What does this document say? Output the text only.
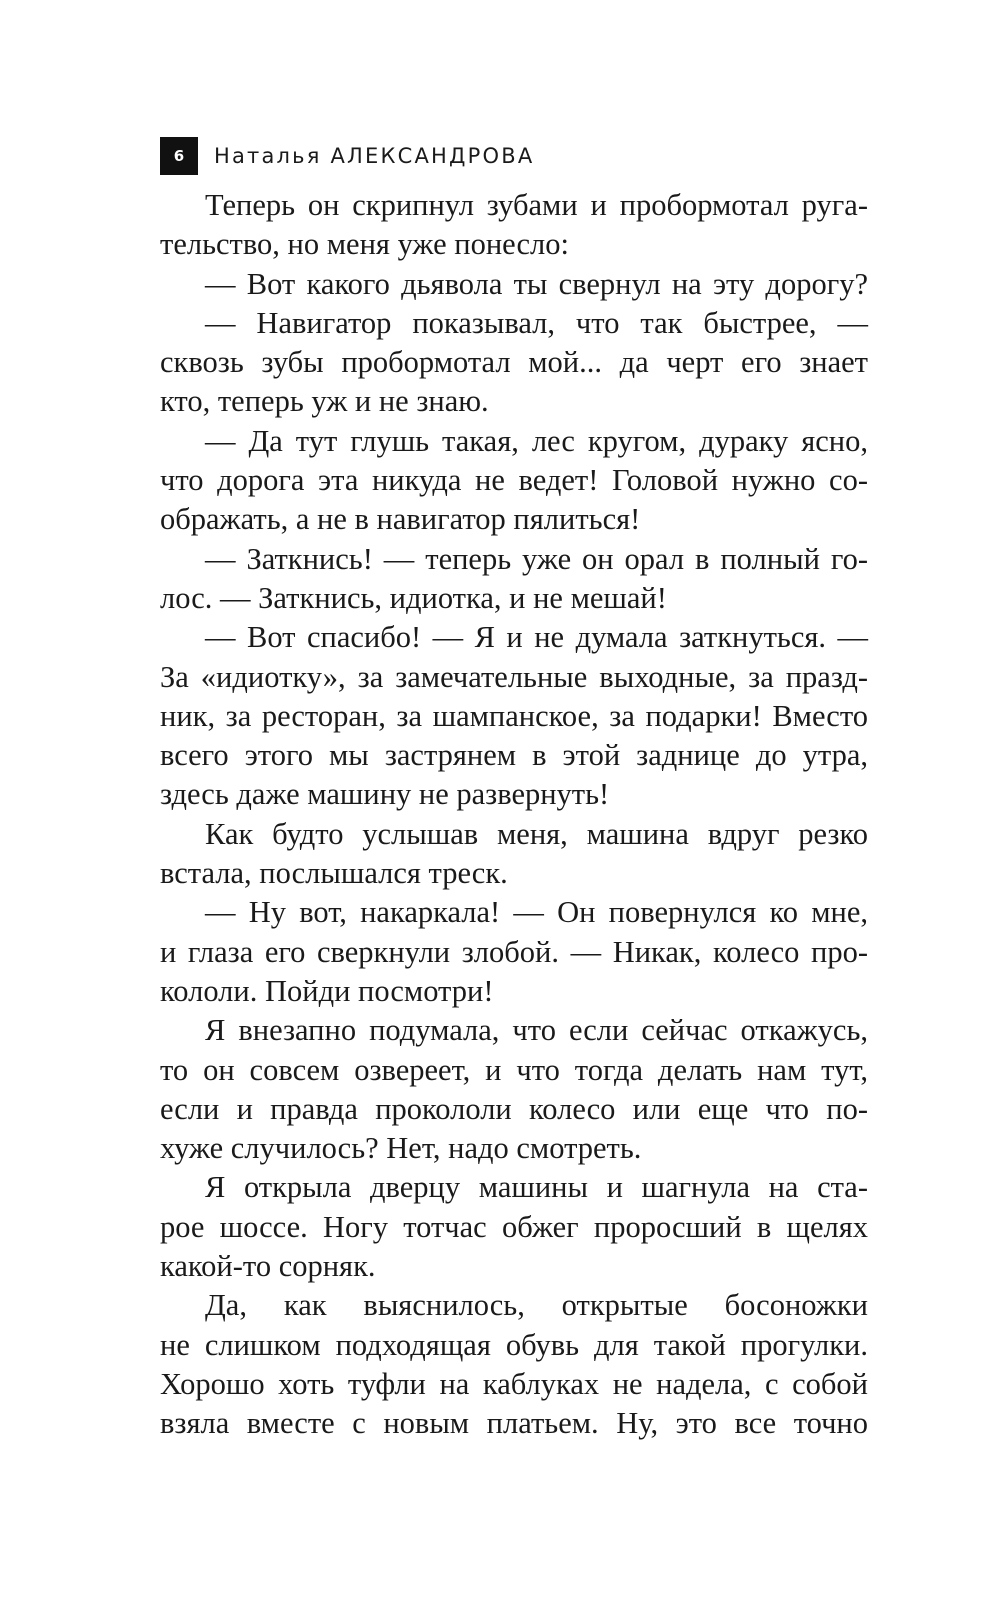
6	Наталья АЛЕКСАНДРОВА
Теперь он скрипнул зубами и пробормотал руга-
тельство, но меня уже понесло:
— Вот какого дьявола ты свернул на эту дорогу?
— Навигатор показывал, что так быстрее, —
сквозь зубы пробормотал мой... да черт его знает
кто, теперь уж и не знаю.
— Да тут глушь такая, лес кругом, дураку ясно,
что дорога эта никуда не ведет! Головой нужно со-
ображать, а не в навигатор пялиться!
— Заткнись! — теперь уже он орал в полный го-
лос. — Заткнись, идиотка, и не мешай!
— Вот спасибо! — Я и не думала заткнуться. —
За «идиотку», за замечательные выходные, за празд-
ник, за ресторан, за шампанское, за подарки! Вместо
всего этого мы застрянем в этой заднице до утра,
здесь даже машину не развернуть!
Как будто услышав меня, машина вдруг резко
встала, послышался треск.
— Ну вот, накаркала! — Он повернулся ко мне,
и глаза его сверкнули злобой. — Никак, колесо про-
кололи. Пойди посмотри!
Я внезапно подумала, что если сейчас откажусь,
то он совсем озвереет, и что тогда делать нам тут,
если и правда прокололи колесо или еще что по-
хуже случилось? Нет, надо смотреть.
Я открыла дверцу машины и шагнула на ста-
рое шоссе. Ногу тотчас обжег проросший в щелях
какой-то сорняк.
Да, как выяснилось, открытые босоножки
не слишком подходящая обувь для такой прогулки.
Хорошо хоть туфли на каблуках не надела, с собой
взяла вместе с новым платьем. Ну, это все точно
